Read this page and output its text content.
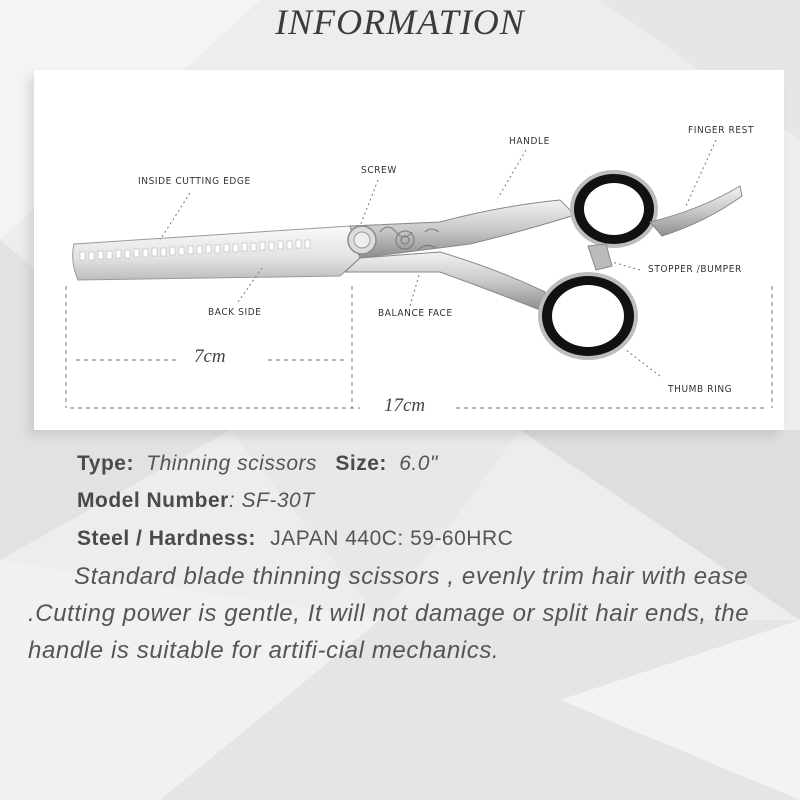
INFORMATION
INSIDE CUTTING EDGE
SCREW
HANDLE
FINGER REST
STOPPER /BUMPER
BACK SIDE	BALANCE FACE
THUMB RING
7cm
17cm
Type: Thinning scissors Size: 6.0"
Model Number: SF-30T
Steel / Hardness: JAPAN 440C: 59-60HRC
Standard blade thinning scissors , evenly trim hair with ease .Cutting power is gentle, It will not damage or split hair ends, the handle is suitable for artifi-cial mechanics.
